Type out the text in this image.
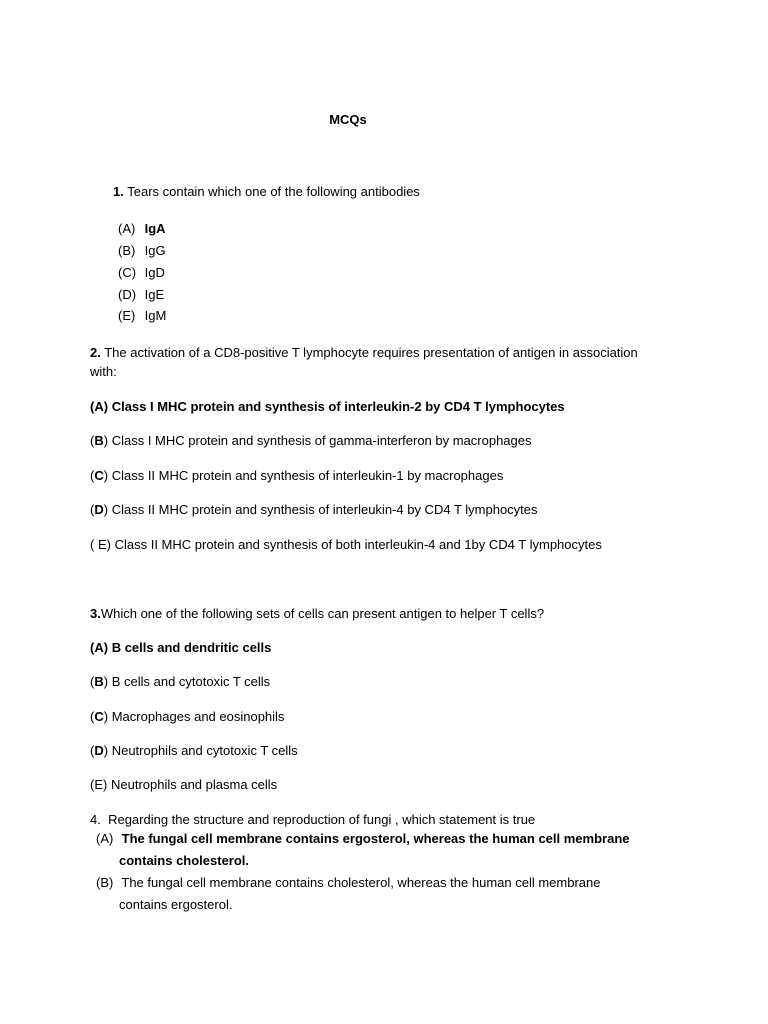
MCQs
1. Tears contain which one of the following antibodies
(A) IgA
(B) IgG
(C) IgD
(D) IgE
(E) IgM
2. The activation of a CD8-positive T lymphocyte requires presentation of antigen in association
with:
(A) Class I MHC protein and synthesis of interleukin-2 by CD4 T lymphocytes
(B) Class I MHC protein and synthesis of gamma-interferon by macrophages
(C) Class II MHC protein and synthesis of interleukin-1 by macrophages
(D) Class II MHC protein and synthesis of interleukin-4 by CD4 T lymphocytes
( E) Class II MHC protein and synthesis of both interleukin-4 and 1by CD4 T lymphocytes
3.Which one of the following sets of cells can present antigen to helper T cells?
(A) B cells and dendritic cells
(B) B cells and cytotoxic T cells
(C) Macrophages and eosinophils
(D) Neutrophils and cytotoxic T cells
(E) Neutrophils and plasma cells
4. Regarding the structure and reproduction of fungi , which statement is true
(A) The fungal cell membrane contains ergosterol, whereas the human cell membrane
contains cholesterol.
(B) The fungal cell membrane contains cholesterol, whereas the human cell membrane
contains ergosterol.
